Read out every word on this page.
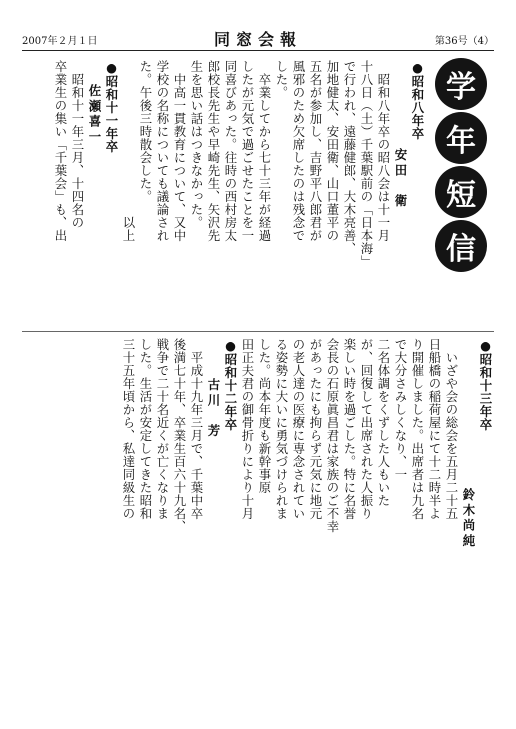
2007年２月１日	同窓会報	第36号（4）
学
年
短
信
● 昭和八年卒
安田　衛
　昭和八年卒の昭八会は十一月
十八日（土）千葉駅前の「日本海」
で行われ、遠藤健郎、大木亮善、
加地健太、安田衛、山口董平の
五名が参加し、吉野平八郎君が
風邪のため欠席したのは残念で
した。
　卒業してから七十三年が経過
したが元気で過ごせたことを一
同喜びあった。往時の西村房太
郎校長先生や早崎先生、矢沢先
生を思い話はつきなかった。
　中高一貫教育について、又中
学校の名称についても議論され
た。午後三時散会した。
　　　　　　　　　　　　以上
● 昭和十一年卒
佐瀬喜一
　昭和十一年三月、十四名の
卒業生の集い「千葉会」も、出
● 昭和十三年卒
鈴木尚純
　いざや会の総会を五月二十五
日船橋の稲荷屋にて十二時半よ
り開催しました。出席者は九名
で大分さみしくなり、一
二名体調をくずした人もいた
が、回復して出席された人振り
楽しい時を過ごした。特に名誉
会長の石原眞昌君は家族のご不幸
があったにも拘らず元気に地元
の老人達の医療に専念されてい
る姿勢に大いに勇気づけられま
した。尚本年度も新幹事原
田正夫君の御骨折りにより十月
● 昭和十二年卒
古川　芳
　平成十九年三月で、千葉中卒
後満七十年、卒業生百六十九名、
戦争で二十名近くが亡くなりま
した。生活が安定してきた昭和
三十五年頃から、私達同級生の
